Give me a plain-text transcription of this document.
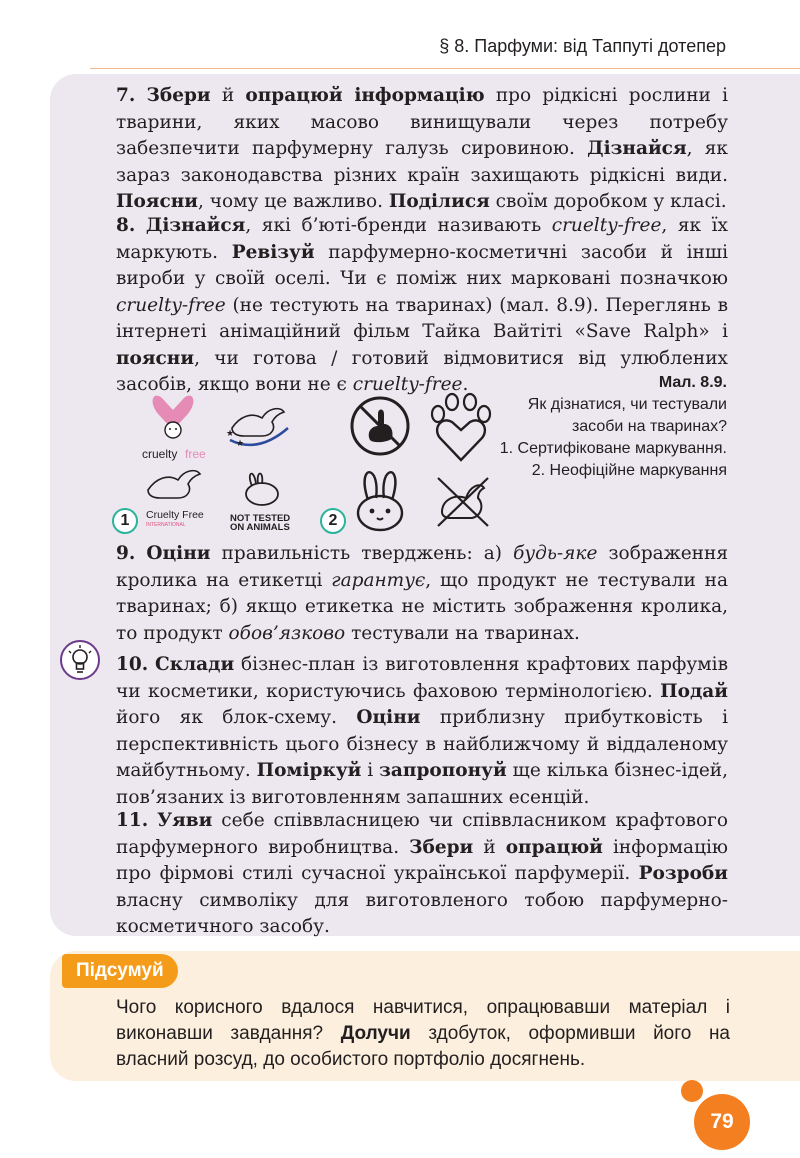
§ 8. Парфуми: від Таппуті дотепер
7. Збери й опрацюй інформацію про рідкісні рослини і тварини, яких масово винищували через потребу забезпечити парфумерну галузь сировиною. Дізнайся, як зараз законодавства різних країн захищають рідкісні види. Поясни, чому це важливо. Поділися своїм доробком у класі.
8. Дізнайся, які б’юті-бренди називають cruelty-free, як їх маркують. Ревізуй парфумерно-косметичні засоби й інші вироби у своїй оселі. Чи є поміж них марковані позначкою cruelty-free (не тестують на тваринах) (мал. 8.9). Переглянь в інтернеті анімаційний фільм Тайка Вайтіті «Save Ralph» і поясни, чи готова / готовий відмовитися від улюблених засобів, якщо вони не є cruelty-free.
cruelty free
★
★
Cruelty Free
INTERNATIONAL
NOT TESTED
ON ANIMALS
1	2
Мал. 8.9.
Як дізнатися, чи тестували засоби на тваринах?
1. Сертифіковане маркування.
2. Неофіційне маркування
9. Оціни правильність тверджень: а) будь-яке зображення кролика на етикетці гарантує, що продукт не тестували на тваринах; б) якщо етикетка не містить зображення кролика, то продукт обов’язково тестували на тваринах.
10. Склади бізнес-план із виготовлення крафтових парфумів чи косметики, користуючись фаховою термінологією. Подай його як блок-схему. Оціни приблизну прибутковість і перспективність цього бізнесу в найближчому й віддаленому майбутньому. Поміркуй і запропонуй ще кілька бізнес-ідей, пов’язаних із виготовленням запашних есенцій.
11. Уяви себе співвласницею чи співвласником крафтового парфумерного виробництва. Збери й опрацюй інформацію про фірмові стилі сучасної української парфумерії. Розроби власну символіку для виготовленого тобою парфумерно-косметичного засобу.
Підсумуй
Чого корисного вдалося навчитися, опрацювавши матеріал і виконавши завдання? Долучи здобуток, оформивши його на власний розсуд, до особистого портфоліо досягнень.
79
